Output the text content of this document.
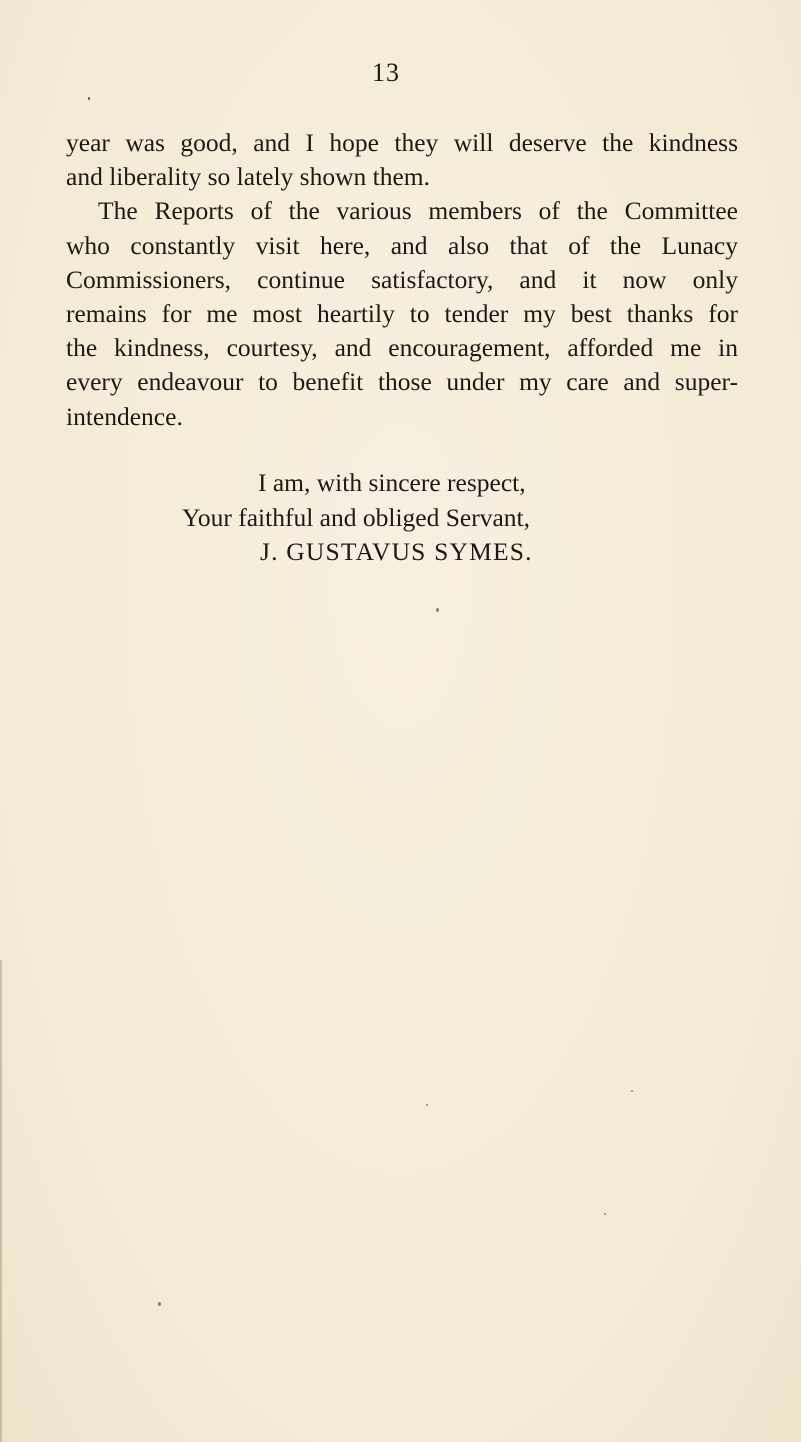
13

year was good, and I hope they will deserve the kindness
and liberality so lately shown them.

The Reports of the various members of the Committee
who constantly visit here, and also that of the Lunacy
Commissioners, continue satisfactory, and it now only
remains for me most heartily to tender my best thanks for
the kindness, courtesy, and encouragement, afforded me in
every endeavour to benefit those under my care and super-
intendence.

I am, with sincere respect,
Your faithful and obliged Servant,
J. GUSTAVUS SYMES.
